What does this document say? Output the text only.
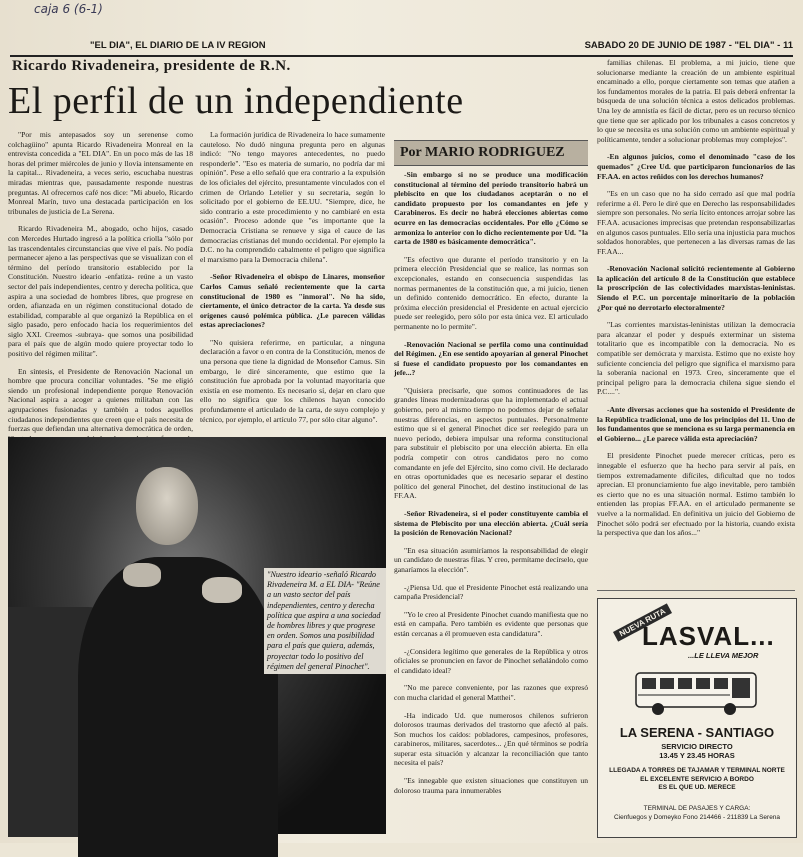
caja 6 (6-1)
"EL DIA", EL DIARIO DE LA IV REGION	SABADO 20 DE JUNIO DE 1987 - "EL DIA" - 11
Ricardo Rivadeneira, presidente de R.N.
El perfil de un independiente

"Por mis antepasados soy un serenense como colchagüino" apunta Ricardo Rivadeneira Monreal en la entrevista concedida a "EL DIA". En un poco más de las 18 horas del primer miércoles de junio y llovía intensamente en la capital... Rivadeneira, a veces serio, escuchaba nuestras miradas mientras que, pausadamente responde nuestras preguntas. Al ofrecernos café nos dice: "Mi abuelo, Ricardo Monreal Marín, tuvo una destacada participación en los tribunales de justicia de La Serena.

Ricardo Rivadeneira M., abogado, ocho hijos, casado con Mercedes Hurtado ingresó a la política criolla "sólo por las trascendentales circunstancias que vive el país. No podía permanecer ajeno a las perspectivas que se visualizan con el término del período transitorio establecido por la Constitución. Nuestro ideario -enfatiza- reúne a un vasto sector del país independientes, centro y derecha política, que aspira a una sociedad de hombres libres, que progrese en orden, afianzada en un régimen constitucional dotado de estabilidad, comparable al que organizó la República en el siglo pasado, pero enfocado hacia los requerimientos del siglo XXI. Creemos -subraya- que somos una posibilidad para el país que de algún modo quiere proyectar todo lo positivo del régimen militar".

En síntesis, el Presidente de Renovación Nacional un hombre que procura conciliar voluntades. "Se me eligió siendo un profesional independiente porque Renovación Nacional aspira a acoger a quienes militaban con las agrupaciones fusionadas y también a todos aquellos ciudadanos independientes que creen que el país necesita de fuerzas que defiendan una alternativa democrática de orden,

La formación jurídica de Rivadeneira lo hace sumamente cauteloso. No dudó ninguna pregunta pero en algunas indicó: "No tengo mayores antecedentes, no puedo responderle". "Eso es materia de sumario, no podría dar mi opinión". Pese a ello señaló que era contrario a la expulsión de los oficiales del ejército, presuntamente vinculados con el crimen de Orlando Letelier y su secretaria, según lo solicitado por el gobierno de EE.UU. "Siempre, dice, he sido contrario a este procedimiento y no cambiaré en esta ocasión". Proceso adonde que "es importante que la Democracia Cristiana se renueve y siga el cauce de las democracias cristianas del mundo occidental. Por ejemplo la D.C. no ha comprendido cabalmente el peligro que significa el marxismo para la Democracia chilena".

-Señor Rivadeneira el obispo de Linares, monseñor Carlos Camus señaló recientemente que la carta constitucional de 1980 es "inmoral". No ha sido, ciertamente, el único detractor de la carta. Ya desde sus orígenes causó polémica pública. ¿Le parecen válidas estas apreciaciones?

"No quisiera referirme, en particular, a ninguna declaración a favor o en contra de la Constitución, menos de una persona que tiene la dignidad de Monseñor Camus. Sin embargo, le diré sinceramente, que estimo que la constitución fue aprobada por la voluntad mayoritaria que existía en ese momento. Es necesario sí, dejar en claro que ello no significa que los chilenos hayan conocido profundamente el articulado de la carta, de suyo complejo y técnico, por ejemplo, el artículo 77, por sólo citar alguno".

Por MARIO RODRIGUEZ

-Sin embargo si no se produce una modificación constitucional al término del período transitorio habrá un plebiscito en que los ciudadanos aceptarán o no el candidato propuesto por los comandantes en jefe y Carabineros. Es decir no habrá elecciones abiertas como ocurre en las democracias occidentales. Por ello ¿Cómo se armoniza lo anterior con lo dicho recientemente por Ud. "la carta de 1980 es básicamente democrática".

"Es efectivo que durante el período transitorio y en la primera elección Presidencial que se realice, las normas son excepcionales, estando en consecuencia suspendidas las normas permanentes de la constitución que, a mi juicio, tienen un definido contenido democrático. En efecto, durante la próxima elección presidencial el Presidente en actual ejercicio puede ser reelegido, pero sólo por esta única vez. El articulado permanente no lo permite".

-Renovación Nacional se perfila como una continuidad del Régimen. ¿En ese sentido apoyarían al general Pinochet si fuese el candidato propuesto por los comandantes en jefe...?

"Quisiera precisarle, que somos continuadores de las grandes líneas modernizadoras que ha implementado el actual gobierno, pero al mismo tiempo no podemos dejar de señalar nuestras diferencias, en aspectos puntuales. Personalmente estimo que si el general Pinochet dice ser reelegido para un nuevo período, debiera impulsar una reforma constitucional para substituir el plebiscito por una elección abierta. En ella podría competir con otros candidatos pero no como comandante en jefe del Ejército, sino como civil. He declarado en otras oportunidades que es necesario separar el destino político del general Pinochet, del destino institucional de las FF.AA.

-Señor Rivadeneira, si el poder constituyente cambia el sistema de Plebiscito por una elección abierta. ¿Cuál sería la posición de Renovación Nacional?

"En esa situación asumiríamos la responsabilidad de elegir un candidato de nuestras filas. Y creo, permítame decírselo, que ganaríamos la elección".

-¿Piensa Ud. que el Presidente Pinochet está realizando una campaña Presidencial?

"Yo le creo al Presidente Pinochet cuando manifiesta que no está en campaña. Pero también es evidente que personas que están cercanas a él promueven esta candidatura".

-¿Considera legítimo que generales de la República y otros oficiales se pronuncien en favor de Pinochet señalándolo como el candidato ideal?

"No me parece conveniente, por las razones que expresó con mucha claridad el general Matthei".

-Ha indicado Ud. que numerosos chilenos sufrieron dolorosos traumas derivados del trastorno que afectó al país. Son muchos los caídos: pobladores, campesinos, profesores, carabineros, militares, sacerdotes... ¿En qué términos se podría superar esta situación y alcanzar la reconciliación que tanto necesita el país?

"Es innegable que existen situaciones que constituyen un doloroso trauma para innumerables

familias chilenas. El problema, a mi juicio, tiene que solucionarse mediante la creación de un ambiente espiritual encaminado a ello, porque ciertamente son temas que atañen a los fundamentos morales de la patria. El país deberá enfrentar la búsqueda de una solución técnica a estos delicados problemas. Una ley de amnistía es fácil de dictar, pero es un recurso técnico que tiene que ser aplicado por los tribunales a casos concretos y lo que se necesita es una solución como un ambiente espiritual y políticamente, tender a solucionar problemas muy complejos".

-En algunos juicios, como el denominado "caso de los quemados" ¿Cree Ud. que participaron funcionarios de las FF.AA. en actos reñidos con los derechos humanos?

"Es en un caso que no ha sido cerrado así que mal podría referirme a él. Pero le diré que en Derecho las responsabilidades siempre son personales. No sería lícito entonces arrojar sobre las FF.AA. acusaciones imprecisas que pretendan responsabilizarlas en algunos casos puntuales. Ello sería una injusticia para muchos soldados honorables, que pertenecen a las diversas ramas de las FF.AA...

-Renovación Nacional solicitó recientemente al Gobierno la aplicación del artículo 8 de la Constitución que establece la proscripción de las colectividades marxistas-leninistas. Siendo el P.C. un porcentaje minoritario de la población ¿Por qué no derrotarlo electoralmente?

"Las corrientes marxistas-leninistas utilizan la democracia para alcanzar el poder y después exterminar un sistema totalitario que es incompatible con la democracia. No es compatible ser demócrata y marxista. Estimo que no existe hoy suficiente conciencia del peligro que significa el marxismo para la soberanía nacional en 1973. Creo, sinceramente que el principal peligro para la democracia chilena sigue siendo el P.C....".

-Ante diversas acciones que ha sostenido el Presidente de la República tradicional, uno de los principios del 11. Uno de los fundamentos que se menciona es su larga permanencia en el Gobierno... ¿Le parece válida esta apreciación?

El presidente Pinochet puede merecer críticas, pero es innegable el esfuerzo que ha hecho para servir al país, en tiempos extremadamente difíciles, dificultad que no todos aprecian. El pronunciamiento fue algo inevitable, pero también es cierto que no es una situación normal. Estimo también lo entienden las propias FF.AA. en el articulado permanente se vuelve a la normalidad. En definitiva un juicio del Gobierno de Pinochet sólo podrá ser efectuado por la historia, cuando exista la perspectiva que dan los años..."

"Nuestro ideario -señaló Ricardo Rivadeneira M. a EL DIA- "Reúne a un vasto sector del país independientes, centro y derecha política que aspira a una sociedad de hombres libres y que progrese en orden. Somos una posibilidad para el país que quiera, además, proyectar todo lo positivo del régimen del general Pinochet".
NUEVA RUTA
LASVAL...
...LE LLEVA MEJOR
LA SERENA - SANTIAGO
SERVICIO DIRECTO
13.45 Y 23.45 HORAS
LLEGADA A TORRES DE TAJAMAR Y TERMINAL NORTE
EL EXCELENTE SERVICIO A BORDO
ES EL QUE UD. MERECE
TERMINAL DE PASAJES Y CARGA:
Cienfuegos y Domeyko Fono 214466 - 211839 La Serena
